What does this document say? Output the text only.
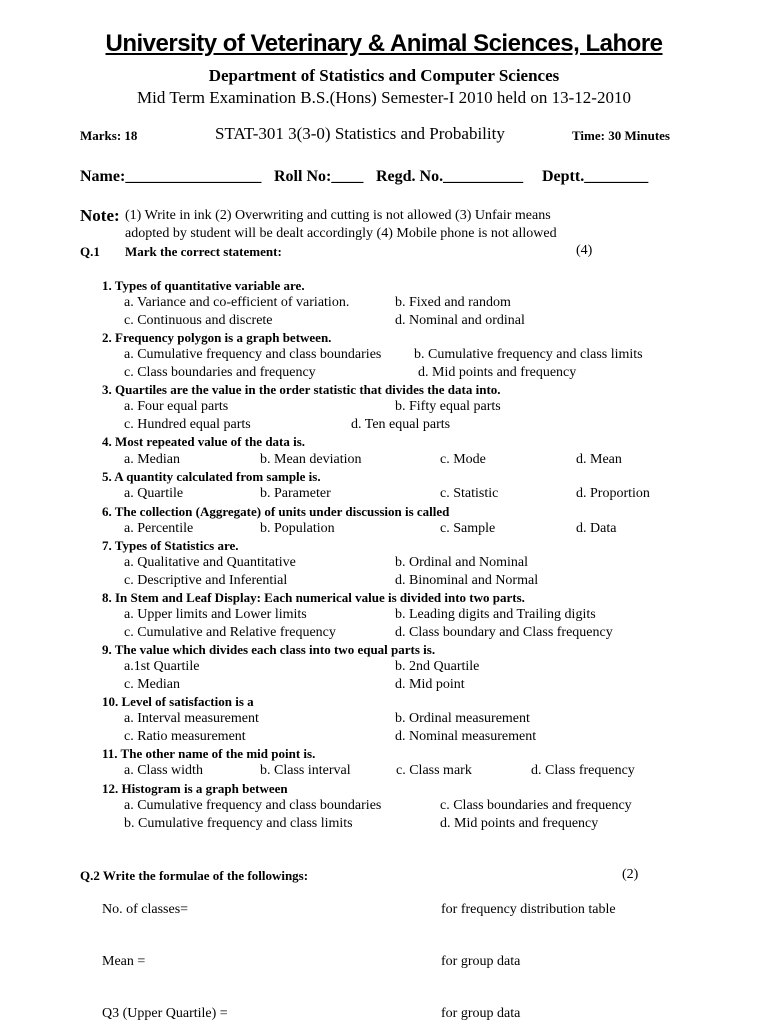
University of Veterinary & Animal Sciences, Lahore
Department of Statistics and Computer Sciences
Mid Term Examination B.S.(Hons) Semester-I 2010 held on 13-12-2010
Marks: 18	STAT-301 3(3-0) Statistics and Probability	Time: 30 Minutes
Name:_________________ Roll No:____ Regd. No.__________ Deptt.________
Note: (1) Write in ink (2) Overwriting and cutting is not allowed (3) Unfair means
adopted by student will be dealt accordingly (4) Mobile phone is not allowed
Q.1 Mark the correct statement:	(4)
1. Types of quantitative variable are.
a. Variance and co-efficient of variation.	b. Fixed and random
c. Continuous and discrete	d. Nominal and ordinal
2. Frequency polygon is a graph between.
a. Cumulative frequency and class boundaries b. Cumulative frequency and class limits
c. Class boundaries and frequency	d. Mid points and frequency
3. Quartiles are the value in the order statistic that divides the data into.
a. Four equal parts	b. Fifty equal parts
c. Hundred equal parts	d. Ten equal parts
4. Most repeated value of the data is.
a. Median	b. Mean deviation	c. Mode	d. Mean
5. A quantity calculated from sample is.
a. Quartile	b. Parameter	c. Statistic	d. Proportion
6. The collection (Aggregate) of units under discussion is called
a. Percentile	b. Population	c. Sample	d. Data
7. Types of Statistics are.
a. Qualitative and Quantitative	b. Ordinal and Nominal
c. Descriptive and Inferential	d. Binominal and Normal
8. In Stem and Leaf Display: Each numerical value is divided into two parts.
a. Upper limits and Lower limits	b. Leading digits and Trailing digits
c. Cumulative and Relative frequency	d. Class boundary and Class frequency
9. The value which divides each class into two equal parts is.
a.1st Quartile	b. 2nd Quartile
c. Median	d. Mid point
10. Level of satisfaction is a
a. Interval measurement	b. Ordinal measurement
c. Ratio measurement	d. Nominal measurement
11. The other name of the mid point is.
a. Class width	b. Class interval	c. Class mark	d. Class frequency
12. Histogram is a graph between
a. Cumulative frequency and class boundaries	c. Class boundaries and frequency
b. Cumulative frequency and class limits	d. Mid points and frequency
Q.2 Write the formulae of the followings:	(2)
No. of classes=	for frequency distribution table
Mean =	for group data
Q3 (Upper Quartile) =	for group data
